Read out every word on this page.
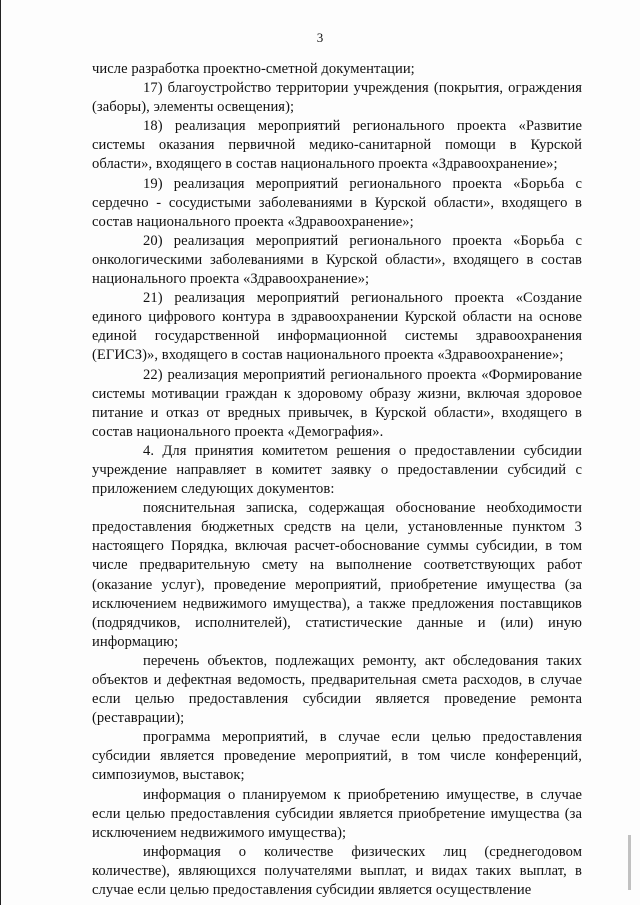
3

числе разработка проектно-сметной документации;

17) благоустройство территории учреждения (покрытия, ограждения (заборы), элементы освещения);

18) реализация мероприятий регионального проекта «Развитие системы оказания первичной медико-санитарной помощи в Курской области», входящего в состав национального проекта «Здравоохранение»;

19) реализация мероприятий регионального проекта «Борьба с сердечно - сосудистыми заболеваниями в Курской области», входящего в состав национального проекта «Здравоохранение»;

20) реализация мероприятий регионального проекта «Борьба с онкологическими заболеваниями в Курской области», входящего в состав национального проекта «Здравоохранение»;

21) реализация мероприятий регионального проекта «Создание единого цифрового контура в здравоохранении Курской области на основе единой государственной информационной системы здравоохранения (ЕГИСЗ)», входящего в состав национального проекта «Здравоохранение»;

22) реализация мероприятий регионального проекта «Формирование системы мотивации граждан к здоровому образу жизни, включая здоровое питание и отказ от вредных привычек, в Курской области», входящего в состав национального проекта «Демография».

4. Для принятия комитетом решения о предоставлении субсидии учреждение направляет в комитет заявку о предоставлении субсидий с приложением следующих документов:

пояснительная записка, содержащая обоснование необходимости предоставления бюджетных средств на цели, установленные пунктом 3 настоящего Порядка, включая расчет-обоснование суммы субсидии, в том числе предварительную смету на выполнение соответствующих работ (оказание услуг), проведение мероприятий, приобретение имущества (за исключением недвижимого имущества), а также предложения поставщиков (подрядчиков, исполнителей), статистические данные и (или) иную информацию;

перечень объектов, подлежащих ремонту, акт обследования таких объектов и дефектная ведомость, предварительная смета расходов, в случае если целью предоставления субсидии является проведение ремонта (реставрации);

программа мероприятий, в случае если целью предоставления субсидии является проведение мероприятий, в том числе конференций, симпозиумов, выставок;

информация о планируемом к приобретению имуществе, в случае если целью предоставления субсидии является приобретение имущества (за исключением недвижимого имущества);

информация о количестве физических лиц (среднегодовом количестве), являющихся получателями выплат, и видах таких выплат, в случае если целью предоставления субсидии является осуществление
